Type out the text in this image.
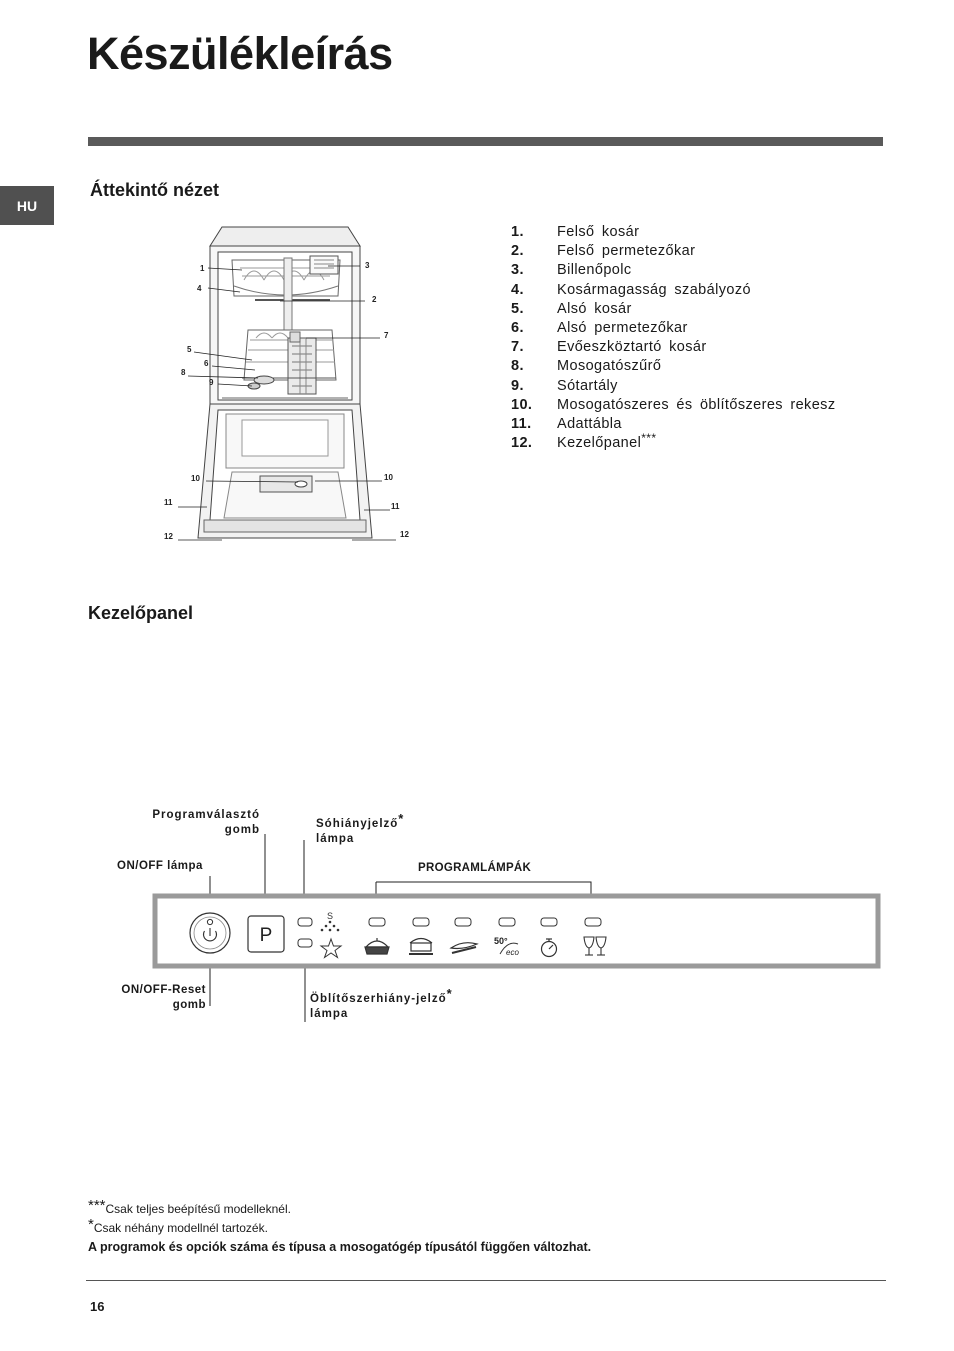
Készülékleírás
HU
Áttekintő nézet
1
2
3
4
5
6
7
8
9
10	10
11	11
12	12
1.	Felső kosár
2.	Felső permetezőkar
3.	Billenőpolc
4.	Kosármagasság szabályozó
5.	Alsó kosár
6.	Alsó permetezőkar
7.	Evőeszköztartó kosár
8.	Mosogatószűrő
9.	Sótartály
10.	Mosogatószeres és öblítőszeres rekesz
11.	Adattábla
12.	Kezelőpanel***
Kezelőpanel
Programválasztó
gomb	Sóhiányjelző*
lámpa
ON/OFF lámpa	PROGRAMLÁMPÁK
ON/OFF-Reset
gomb	Öblítőszerhiány-jelző*
lámpa
P
S
50°
eco
***Csak teljes beépítésű modelleknél.
*Csak néhány modellnél tartozék.
A programok és opciók száma és típusa a mosogatógép típusától függően változhat.
16
